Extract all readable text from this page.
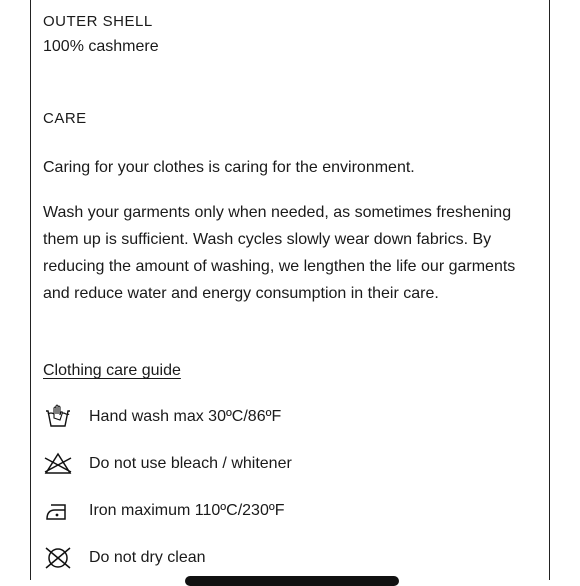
OUTER SHELL
100% cashmere
CARE
Caring for your clothes is caring for the environment.
Wash your garments only when needed, as sometimes freshening them up is sufficient. Wash cycles slowly wear down fabrics. By reducing the amount of washing, we lengthen the life our garments and reduce water and energy consumption in their care.
Clothing care guide
Hand wash max 30ºC/86ºF
Do not use bleach / whitener
Iron maximum 110ºC/230ºF
Do not dry clean
